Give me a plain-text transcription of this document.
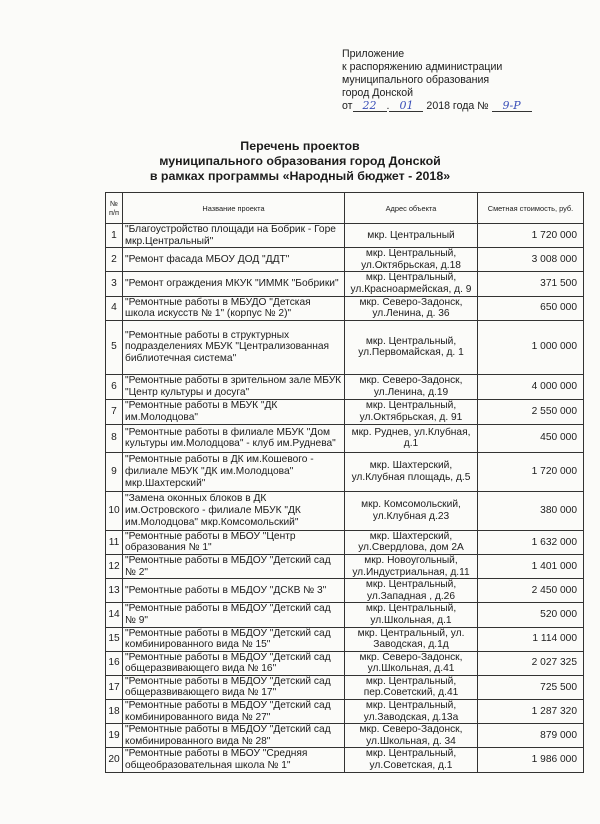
Приложение
к распоряжению администрации
муниципального образования
город Донской
от 22 . 01 2018 года № 9-Р
Перечень проектов
муниципального образования город Донской
в рамках программы «Народный бюджет - 2018»
№ п/п	Название проекта	Адрес объекта	Сметная стоимость, руб.
1	"Благоустройство площади на Бобрик - Горе мкр.Центральный"	мкр. Центральный	1 720 000
2	"Ремонт фасада МБОУ ДОД "ДДТ"	мкр. Центральный, ул.Октябрьская, д.18	3 008 000
3	"Ремонт ограждения МКУК "ИММК "Бобрики"	мкр. Центральный, ул.Красноармейская, д. 9	371 500
4	"Ремонтные работы в МБУДО "Детская школа искусств № 1" (корпус № 2)"	мкр. Северо-Задонск, ул.Ленина, д. 36	650 000
5	"Ремонтные работы в структурных подразделениях МБУК "Централизованная библиотечная система"	мкр. Центральный, ул.Первомайская, д. 1	1 000 000
6	"Ремонтные работы в зрительном зале МБУК "Центр культуры и досуга"	мкр. Северо-Задонск, ул.Ленина, д.19	4 000 000
7	"Ремонтные работы в МБУК "ДК им.Молодцова"	мкр. Центральный, ул.Октябрьская, д. 91	2 550 000
8	"Ремонтные работы в филиале МБУК "Дом культуры им.Молодцова" - клуб им.Руднева"	мкр. Руднев, ул.Клубная, д.1	450 000
9	"Ремонтные работы в ДК им.Кошевого - филиале МБУК "ДК им.Молодцова" мкр.Шахтерский"	мкр. Шахтерский, ул.Клубная площадь, д.5	1 720 000
10	"Замена оконных блоков в ДК им.Островского - филиале МБУК "ДК им.Молодцова" мкр.Комсомольский"	мкр. Комсомольский, ул.Клубная д.23	380 000
11	"Ремонтные работы в МБОУ "Центр образования № 1"	мкр. Шахтерский, ул.Свердлова, дом 2А	1 632 000
12	"Ремонтные работы в МБДОУ "Детский сад № 2"	мкр. Новоугольный, ул.Индустриальная, д.11	1 401 000
13	"Ремонтные работы в МБДОУ "ДСКВ № 3"	мкр. Центральный, ул.Западная , д.26	2 450 000
14	"Ремонтные работы в МБДОУ "Детский сад № 9"	мкр. Центральный, ул.Школьная, д.1	520 000
15	"Ремонтные работы в МБДОУ "Детский сад комбинированного вида № 15"	мкр. Центральный, ул. Заводская, д.1д	1 114 000
16	"Ремонтные работы в МБДОУ "Детский сад общеразвивающего вида № 16"	мкр. Северо-Задонск, ул.Школьная, д.41	2 027 325
17	"Ремонтные работы в МБДОУ "Детский сад общеразвивающего вида № 17"	мкр. Центральный, пер.Советский, д.41	725 500
18	"Ремонтные работы в МБДОУ "Детский сад комбинированного вида № 27"	мкр. Центральный, ул.Заводская, д.13а	1 287 320
19	"Ремонтные работы в МБДОУ "Детский сад комбинированного вида № 28"	мкр. Северо-Задонск, ул.Школьная, д. 34	879 000
20	"Ремонтные работы в МБОУ "Средняя общеобразовательная школа № 1"	мкр. Центральный, ул.Советская, д.1	1 986 000
